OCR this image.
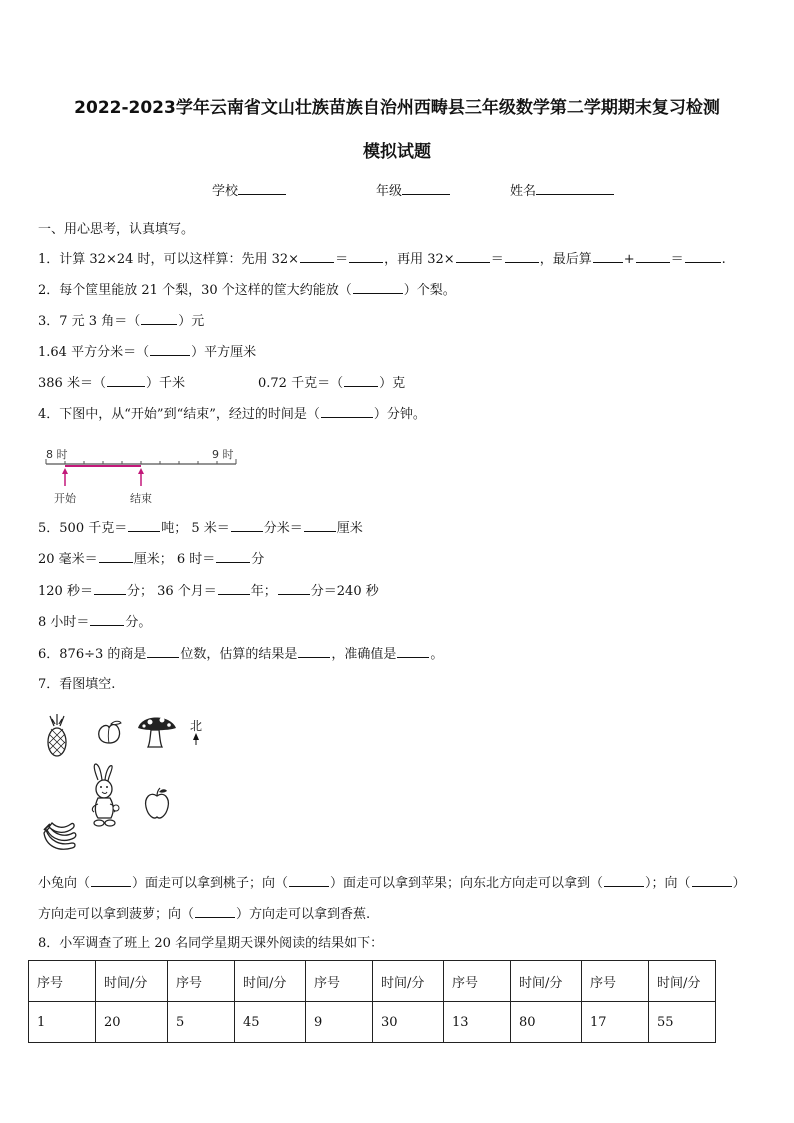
2022-2023学年云南省文山壮族苗族自治州西畴县三年级数学第二学期期末复习检测
模拟试题
学校	年级	姓名
一、用心思考，认真填写。
1．计算 32×24 时，可以这样算：先用 32×	＝	，再用 32×	＝	，最后算 +	＝	.
2．每个筐里能放 21 个梨，30 个这样的筐大约能放（	）个梨。
3．7 元 3 角＝（	）元
1.64 平方分米＝（	）平方厘米
386 米＝（	）千米	0.72 千克＝（	）克
4．下图中，从“开始”到“结束”，经过的时间是（	）分钟。
8 时	9 时
开始	结束
5．500 千克＝	吨； 5 米＝	分米＝	厘米
20 毫米＝	厘米； 6 时＝	分
120 秒＝	分； 36 个月＝	年；	分＝240 秒
8 小时＝	分。
6．876÷3 的商是	位数，估算的结果是	，准确值是	。
7．看图填空.
北
小兔向（	）面走可以拿到桃子；向（	）面走可以拿到苹果；向东北方向走可以拿到（	）；向（	）
方向走可以拿到菠萝；向（	）方向走可以拿到香蕉.
8．小军调查了班上 20 名同学星期天课外阅读的结果如下：
序号	时间/分	序号	时间/分	序号	时间/分	序号	时间/分	序号	时间/分
1	20	5	45	9	30	13	80	17	55
